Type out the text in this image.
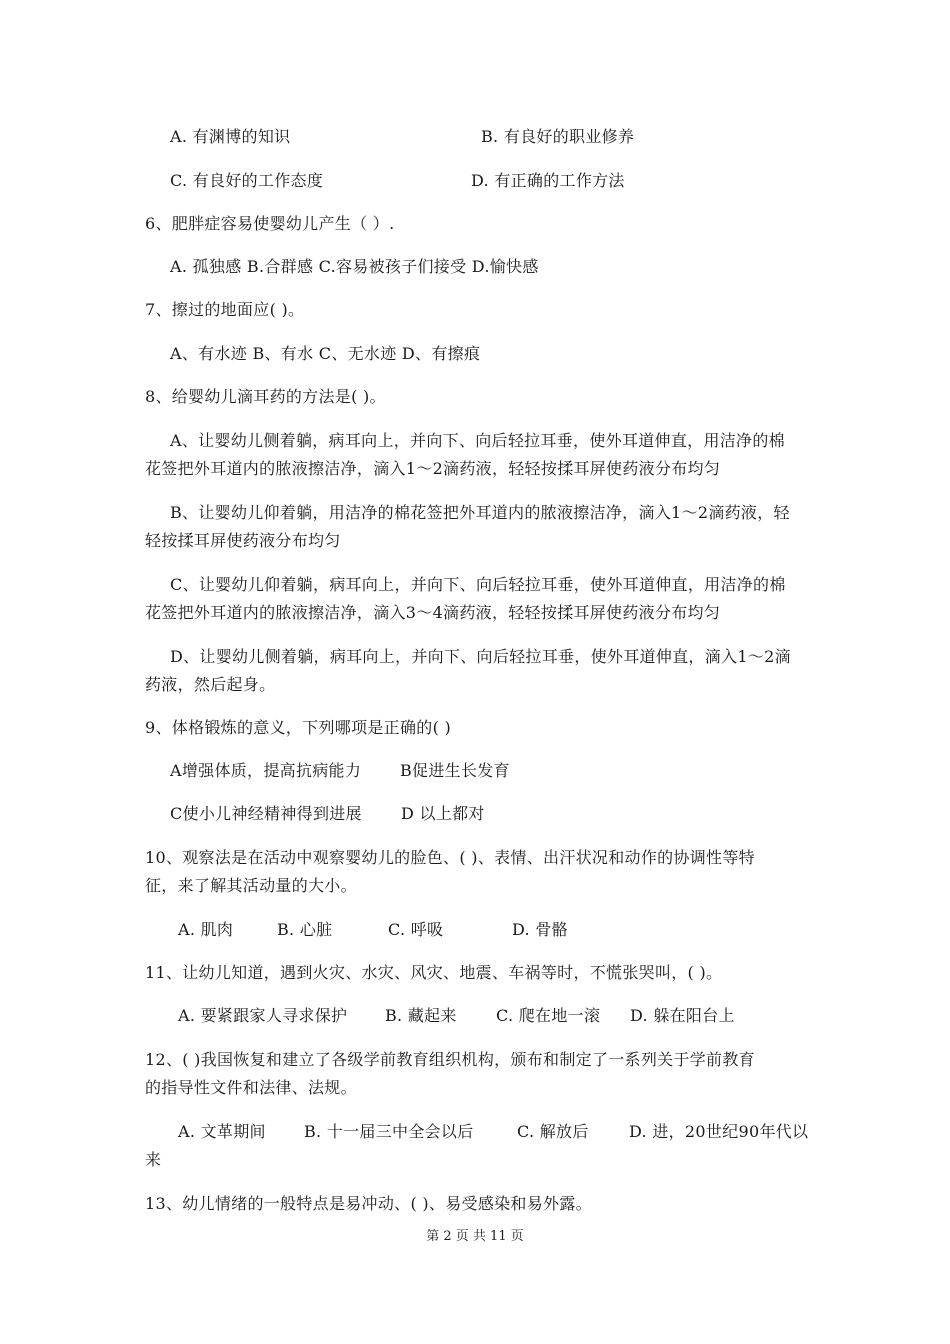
A. 有渊博的知识	B. 有良好的职业修养
C. 有良好的工作态度	D. 有正确的工作方法
6、肥胖症容易使婴幼儿产生（ ）.
A. 孤独感 B.合群感 C.容易被孩子们接受 D.愉快感
7、擦过的地面应( )。
A、有水迹 B、有水 C、无水迹 D、有擦痕
8、给婴幼儿滴耳药的方法是( )。
A、让婴幼儿侧着躺，病耳向上，并向下、向后轻拉耳垂，使外耳道伸直，用洁净的棉
花签把外耳道内的脓液擦洁净，滴入1～2滴药液，轻轻按揉耳屏使药液分布均匀
B、让婴幼儿仰着躺，用洁净的棉花签把外耳道内的脓液擦洁净，滴入1～2滴药液，轻
轻按揉耳屏使药液分布均匀
C、让婴幼儿仰着躺，病耳向上，并向下、向后轻拉耳垂，使外耳道伸直，用洁净的棉
花签把外耳道内的脓液擦洁净，滴入3～4滴药液，轻轻按揉耳屏使药液分布均匀
D、让婴幼儿侧着躺，病耳向上，并向下、向后轻拉耳垂，使外耳道伸直，滴入1～2滴
药液，然后起身。
9、体格锻炼的意义，下列哪项是正确的( )
A增强体质，提高抗病能力 B促进生长发育
C使小儿神经精神得到进展 D 以上都对
10、观察法是在活动中观察婴幼儿的脸色、( )、表情、出汗状况和动作的协调性等特
征，来了解其活动量的大小。
A. 肌肉	B. 心脏	C. 呼吸	D. 骨骼
11、让幼儿知道，遇到火灾、水灾、风灾、地震、车祸等时，不慌张哭叫，( )。
A. 要紧跟家人寻求保护 B. 藏起来 C. 爬在地一滚 D. 躲在阳台上
12、( )我国恢复和建立了各级学前教育组织机构，颁布和制定了一系列关于学前教育
的指导性文件和法律、法规。
A. 文革期间 B. 十一届三中全会以后	C. 解放后	D. 进，20世纪90年代以
来
13、幼儿情绪的一般特点是易冲动、( )、易受感染和易外露。
第 2 页 共 11 页
